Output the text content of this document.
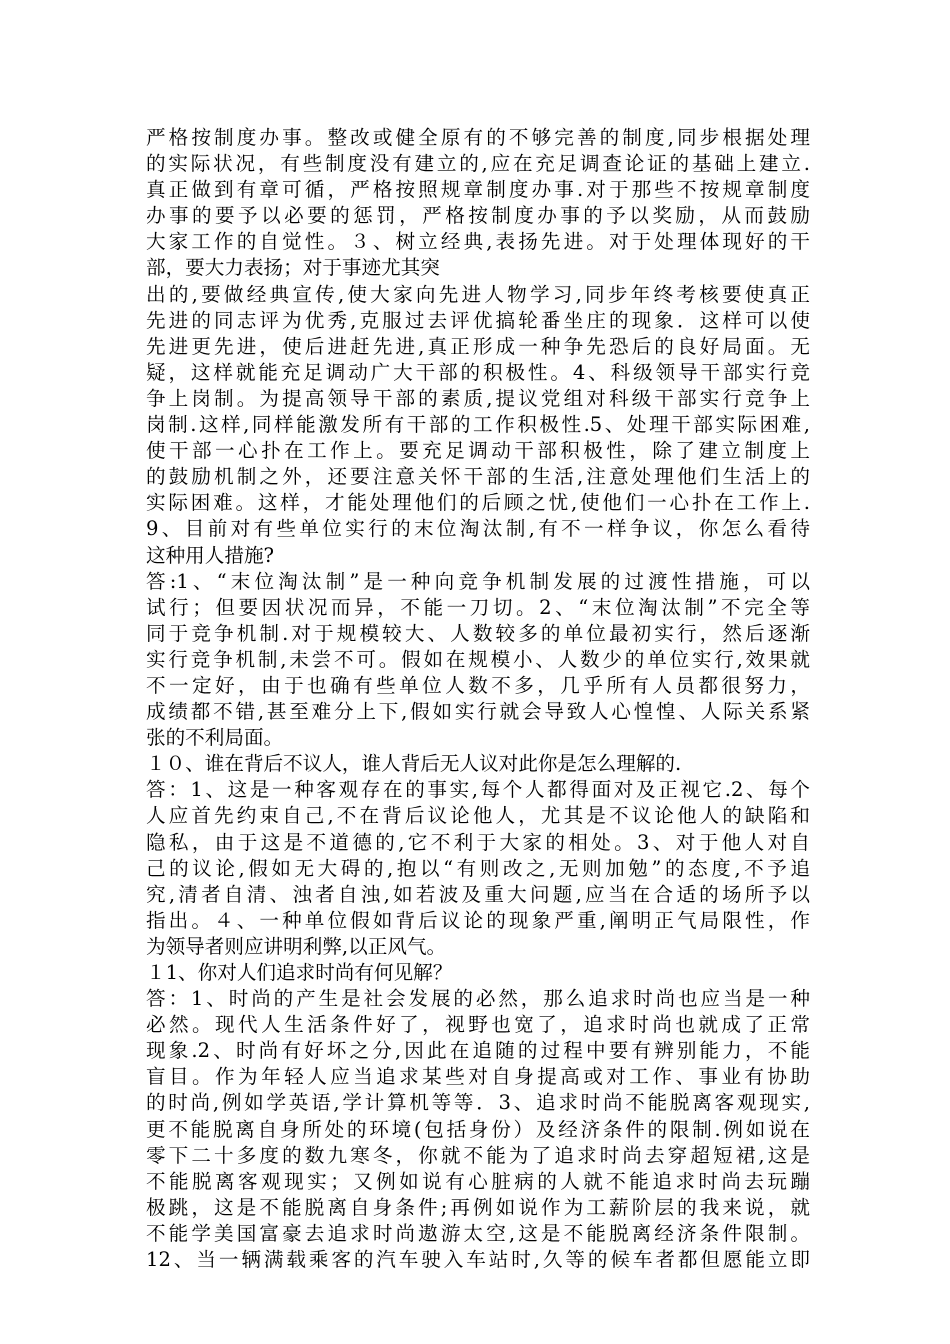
严格按制度办事。整改或健全原有的不够完善的制度,同步根据处理
的实际状况，有些制度没有建立的,应在充足调查论证的基础上建立.
真正做到有章可循，严格按照规章制度办事.对于那些不按规章制度
办事的要予以必要的惩罚，严格按制度办事的予以奖励，从而鼓励
大家工作的自觉性。３、树立经典,表扬先进。对于处理体现好的干
部，要大力表扬；对于事迹尤其突
出的,要做经典宣传,使大家向先进人物学习,同步年终考核要使真正
先进的同志评为优秀,克服过去评优搞轮番坐庄的现象．这样可以使
先进更先进，使后进赶先进,真正形成一种争先恐后的良好局面。无
疑，这样就能充足调动广大干部的积极性。4、科级领导干部实行竞
争上岗制。为提高领导干部的素质,提议党组对科级干部实行竞争上
岗制.这样,同样能激发所有干部的工作积极性.5、处理干部实际困难,
使干部一心扑在工作上。要充足调动干部积极性，除了建立制度上
的鼓励机制之外，还要注意关怀干部的生活,注意处理他们生活上的
实际困难。这样，才能处理他们的后顾之忧,使他们一心扑在工作上.
9、目前对有些单位实行的末位淘汰制,有不一样争议，你怎么看待
这种用人措施?
答:1、“末位淘汰制”是一种向竞争机制发展的过渡性措施，可以
试行；但要因状况而异，不能一刀切。2、“末位淘汰制”不完全等
同于竞争机制.对于规模较大、人数较多的单位最初实行，然后逐渐
实行竞争机制,未尝不可。假如在规模小、人数少的单位实行,效果就
不一定好，由于也确有些单位人数不多，几乎所有人员都很努力，
成绩都不错,甚至难分上下,假如实行就会导致人心惶惶、人际关系紧
张的不利局面。
１０、谁在背后不议人，谁人背后无人议对此你是怎么理解的.
答：1、这是一种客观存在的事实,每个人都得面对及正视它.2、每个
人应首先约束自己,不在背后议论他人，尤其是不议论他人的缺陷和
隐私，由于这是不道德的,它不利于大家的相处。3、对于他人对自
己的议论,假如无大碍的,抱以“有则改之,无则加勉”的态度,不予追
究,清者自清、浊者自浊,如若波及重大问题,应当在合适的场所予以
指出。４、一种单位假如背后议论的现象严重,阐明正气局限性，作
为领导者则应讲明利弊,以正风气。
１1、你对人们追求时尚有何见解？
答：1、时尚的产生是社会发展的必然，那么追求时尚也应当是一种
必然。现代人生活条件好了，视野也宽了，追求时尚也就成了正常
现象.2、时尚有好坏之分,因此在追随的过程中要有辨别能力，不能
盲目。作为年轻人应当追求某些对自身提高或对工作、事业有协助
的时尚,例如学英语,学计算机等等．3、追求时尚不能脱离客观现实,
更不能脱离自身所处的环境(包括身份）及经济条件的限制.例如说在
零下二十多度的数九寒冬，你就不能为了追求时尚去穿超短裙,这是
不能脱离客观现实；又例如说有心脏病的人就不能追求时尚去玩蹦
极跳，这是不能脱离自身条件;再例如说作为工薪阶层的我来说，就
不能学美国富豪去追求时尚遨游太空,这是不能脱离经济条件限制。
12、当一辆满载乘客的汽车驶入车站时,久等的候车者都但愿能立即
